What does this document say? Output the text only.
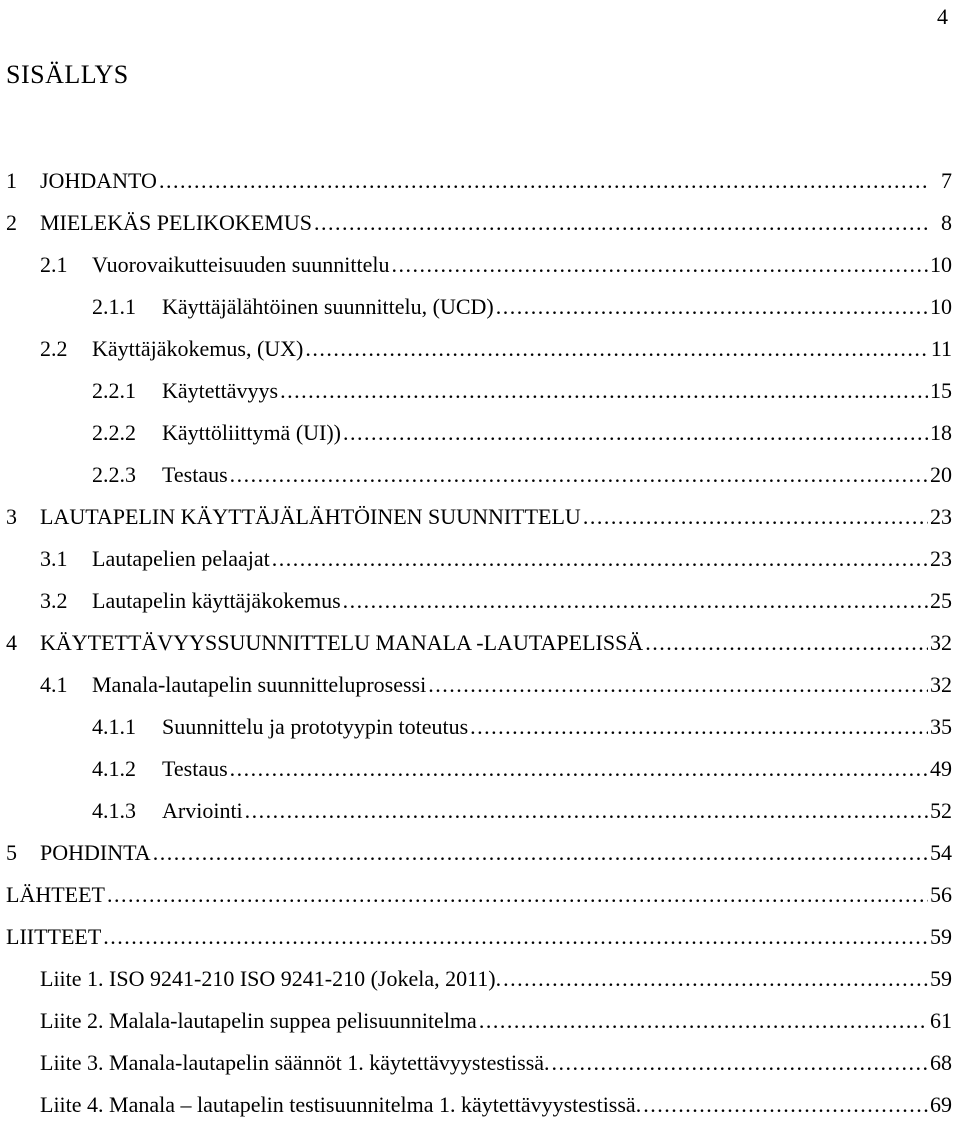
4
SISÄLLYS
1	JOHDANTO .....	7
2	MIELEKÄS PELIKOKEMUS .....	8
2.1	Vuorovaikutteisuuden suunnittelu .....	10
2.1.1	Käyttäjälähtöinen suunnittelu, (UCD) .....	10
2.2	Käyttäjäkokemus, (UX) .....	11
2.2.1	Käytettävyys .....	15
2.2.2	Käyttöliittymä (UI)) .....	18
2.2.3	Testaus .....	20
3	LAUTAPELIN KÄYTTÄJÄLÄHTÖINEN SUUNNITTELU .....	23
3.1	Lautapelien pelaajat .....	23
3.2	Lautapelin käyttäjäkokemus .....	25
4	KÄYTETTÄVYYSSUUNNITTELU MANALA -LAUTAPELISSÄ .....	32
4.1	Manala-lautapelin suunnitteluprosessi .....	32
4.1.1	Suunnittelu ja prototyypin toteutus .....	35
4.1.2	Testaus .....	49
4.1.3	Arviointi .....	52
5	POHDINTA .....	54
LÄHTEET .....	56
LIITTEET .....	59
Liite 1. ISO 9241-210 ISO 9241-210 (Jokela, 2011). .....	59
Liite 2. Malala-lautapelin suppea pelisuunnitelma .....	61
Liite 3. Manala-lautapelin säännöt 1. käytettävyystestissä. .....	68
Liite 4. Manala – lautapelin testisuunnitelma 1. käytettävyystestissä. .....	69
